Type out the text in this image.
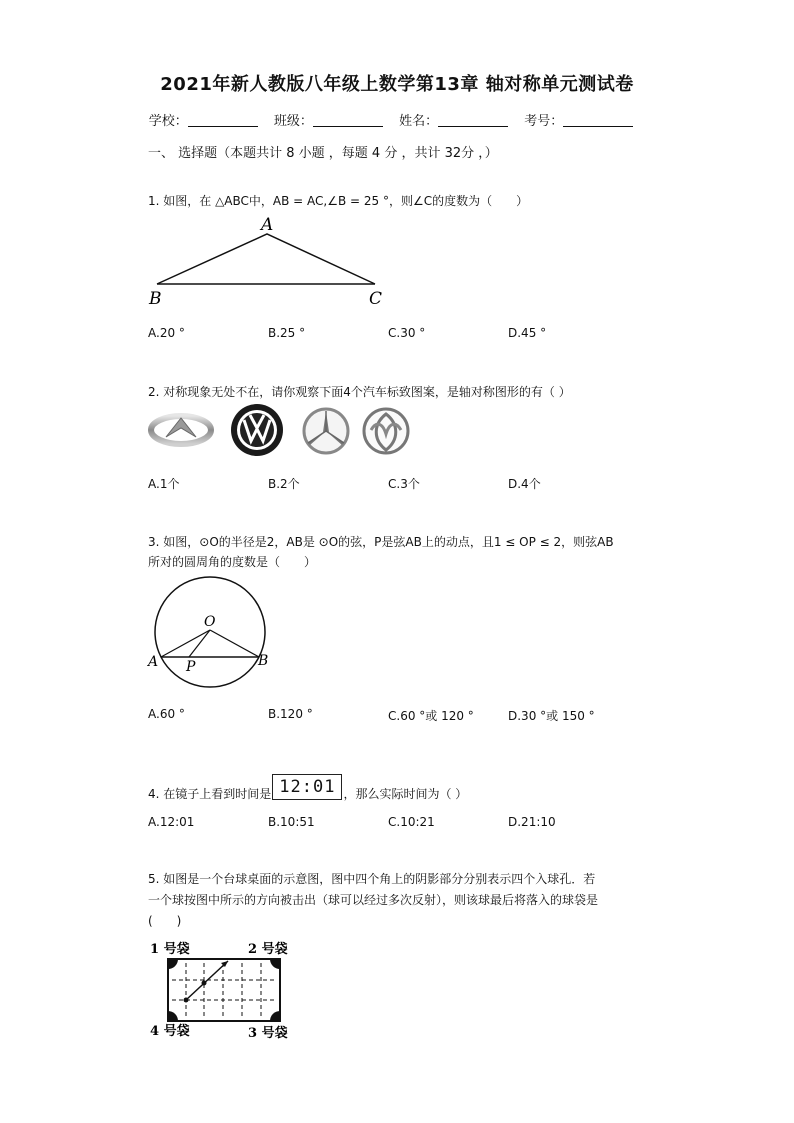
2021年新人教版八年级上数学第13章 轴对称单元测试卷
学校：	班级：	姓名：	考号：
一、 选择题（本题共计 8 小题 ，每题 4 分 ，共计 32分 ，）
1. 如图，在 △ABC中，AB = AC,∠B = 25 °，则∠C的度数为（　　）
A
B	C
A.20 °	B.25 °	C.30 °	D.45 °
2. 对称现象无处不在，请你观察下面4个汽车标致图案，是轴对称图形的有（ ）
A.1个	B.2个	C.3个	D.4个
3. 如图，⊙O的半径是2，AB是 ⊙O的弦，P是弦AB上的动点，且1 ≤ OP ≤ 2，则弦AB
所对的圆周角的度数是（　　）
O
A	B
P
A.60 °	B.120 °	C.60 °或 120 °	D.30 °或 150 °
4. 在镜子上看到时间是 12:01 ，那么实际时间为（ ）
A.12:01	B.10:51	C.10:21	D.21:10
5. 如图是一个台球桌面的示意图，图中四个角上的阴影部分分别表示四个入球孔．若
一个球按图中所示的方向被击出（球可以经过多次反射），则该球最后将落入的球袋是
(　　)
1 号袋	2 号袋
4 号袋	3 号袋
